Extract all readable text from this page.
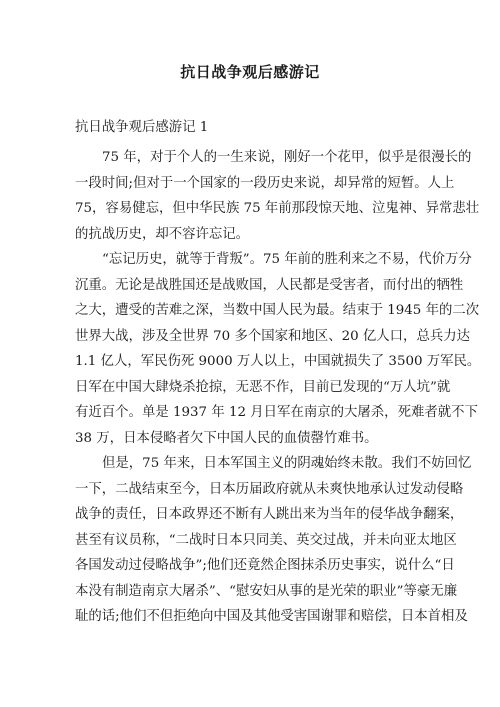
抗日战争观后感游记
抗日战争观后感游记 1
75 年，对于个人的一生来说，刚好一个花甲，似乎是很漫长的
一段时间;但对于一个国家的一段历史来说，却异常的短暂。人上
75，容易健忘，但中华民族 75 年前那段惊天地、泣鬼神、异常悲壮
的抗战历史，却不容许忘记。
“忘记历史，就等于背叛”。75 年前的胜利来之不易，代价万分
沉重。无论是战胜国还是战败国，人民都是受害者，而付出的牺牲
之大，遭受的苦难之深，当数中国人民为最。结束于 1945 年的二次
世界大战，涉及全世界 70 多个国家和地区、20 亿人口，总兵力达
1.1 亿人，军民伤死 9000 万人以上，中国就损失了 3500 万军民。
日军在中国大肆烧杀抢掠，无恶不作，目前已发现的“万人坑”就
有近百个。单是 1937 年 12 月日军在南京的大屠杀，死难者就不下
38 万，日本侵略者欠下中国人民的血债罄竹难书。
但是，75 年来，日本军国主义的阴魂始终未散。我们不妨回忆
一下，二战结束至今，日本历届政府就从未爽快地承认过发动侵略
战争的责任，日本政界还不断有人跳出来为当年的侵华战争翻案，
甚至有议员称，“二战时日本只同美、英交过战，并未向亚太地区
各国发动过侵略战争”;他们还竟然企图抹杀历史事实，说什么“日
本没有制造南京大屠杀”、“慰安妇从事的是光荣的职业”等豪无廉
耻的话;他们不但拒绝向中国及其他受害国谢罪和赔偿，日本首相及
